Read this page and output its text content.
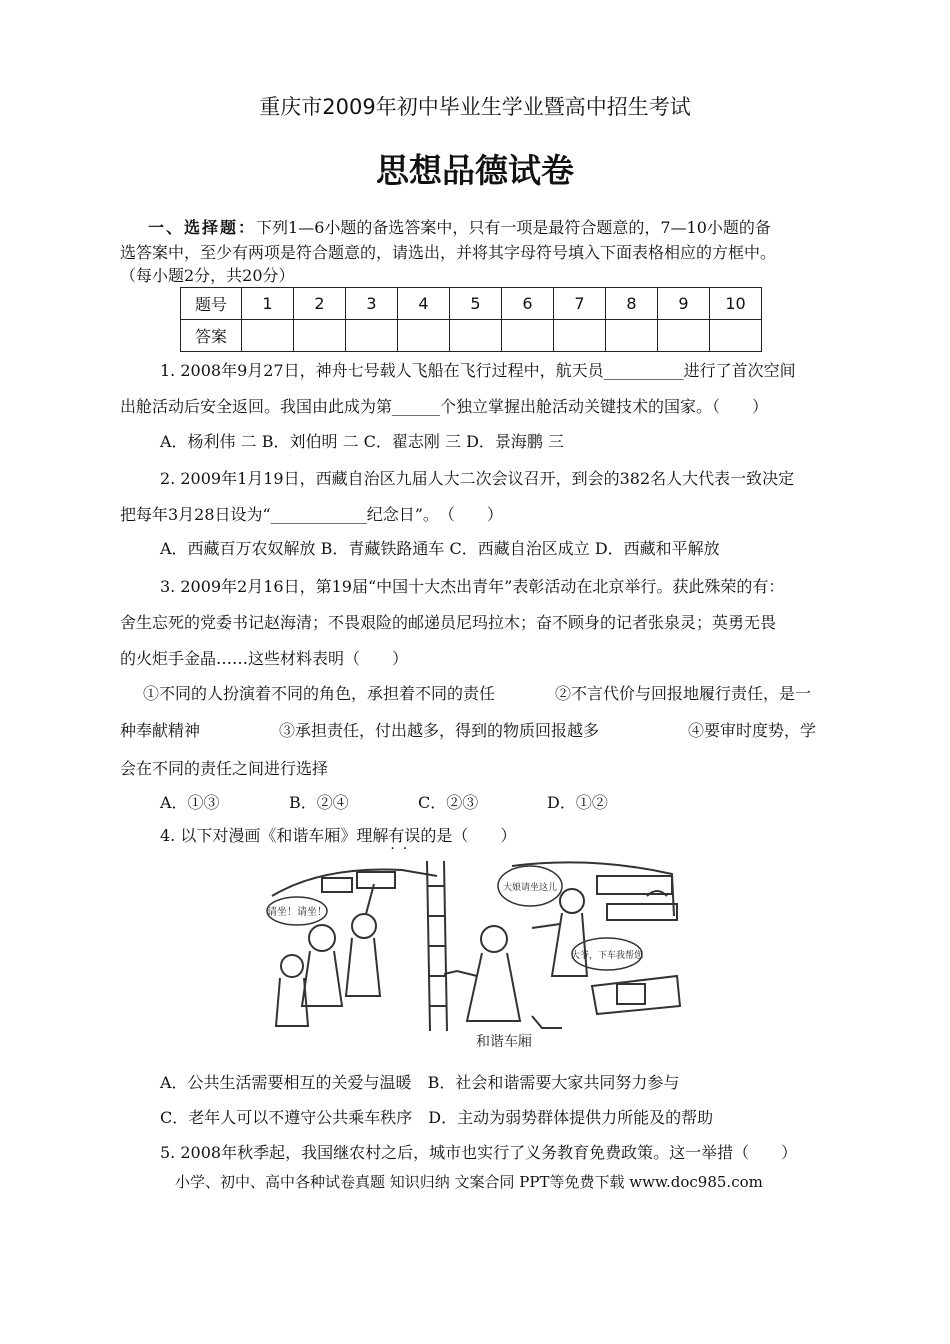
重庆市2009年初中毕业生学业暨高中招生考试
思想品德试卷
一、选择题：下列1—6小题的备选答案中，只有一项是最符合题意的，7—10小题的备
选答案中，至少有两项是符合题意的，请选出，并将其字母符号填入下面表格相应的方框中。
（每小题2分，共20分）
题号	1	2	3	4	5	6	7	8	9	10
答案										
1. 2008年9月27日，神舟七号载人飞船在飞行过程中，航天员__________进行了首次空间
出舱活动后安全返回。我国由此成为第______个独立掌握出舱活动关键技术的国家。（　　）
A．杨利伟 二 B．刘伯明 二 C．翟志刚 三 D．景海鹏 三
2. 2009年1月19日，西藏自治区九届人大二次会议召开，到会的382名人大代表一致决定
把每年3月28日设为“____________纪念日”。　（　　）
A．西藏百万农奴解放 B．青藏铁路通车 C．西藏自治区成立 D．西藏和平解放
3. 2009年2月16日，第19届“中国十大杰出青年”表彰活动在北京举行。获此殊荣的有：
舍生忘死的党委书记赵海清；不畏艰险的邮递员尼玛拉木；奋不顾身的记者张泉灵；英勇无畏
的火炬手金晶……这些材料表明（　　）
①不同的人扮演着不同的角色，承担着不同的责任	②不言代价与回报地履行责任，是一
种奉献精神	③承担责任，付出越多，得到的物质回报越多	④要审时度势，学
会在不同的责任之间进行选择
A．①③	B．②④	C．②③	D．①②
4. 以下对漫画《和谐车厢》理解有误 ··的是（　　）
请坐！请坐！
大娘请坐这儿
大爷，下车我帮您
和谐车厢
A．公共生活需要相互的关爱与温暖 B．社会和谐需要大家共同努力参与
C．老年人可以不遵守公共乘车秩序 D．主动为弱势群体提供力所能及的帮助
5. 2008年秋季起，我国继农村之后，城市也实行了义务教育免费政策。这一举措（　　）
小学、初中、高中各种试卷真题 知识归纳 文案合同 PPT等免费下载 www.doc985.com
